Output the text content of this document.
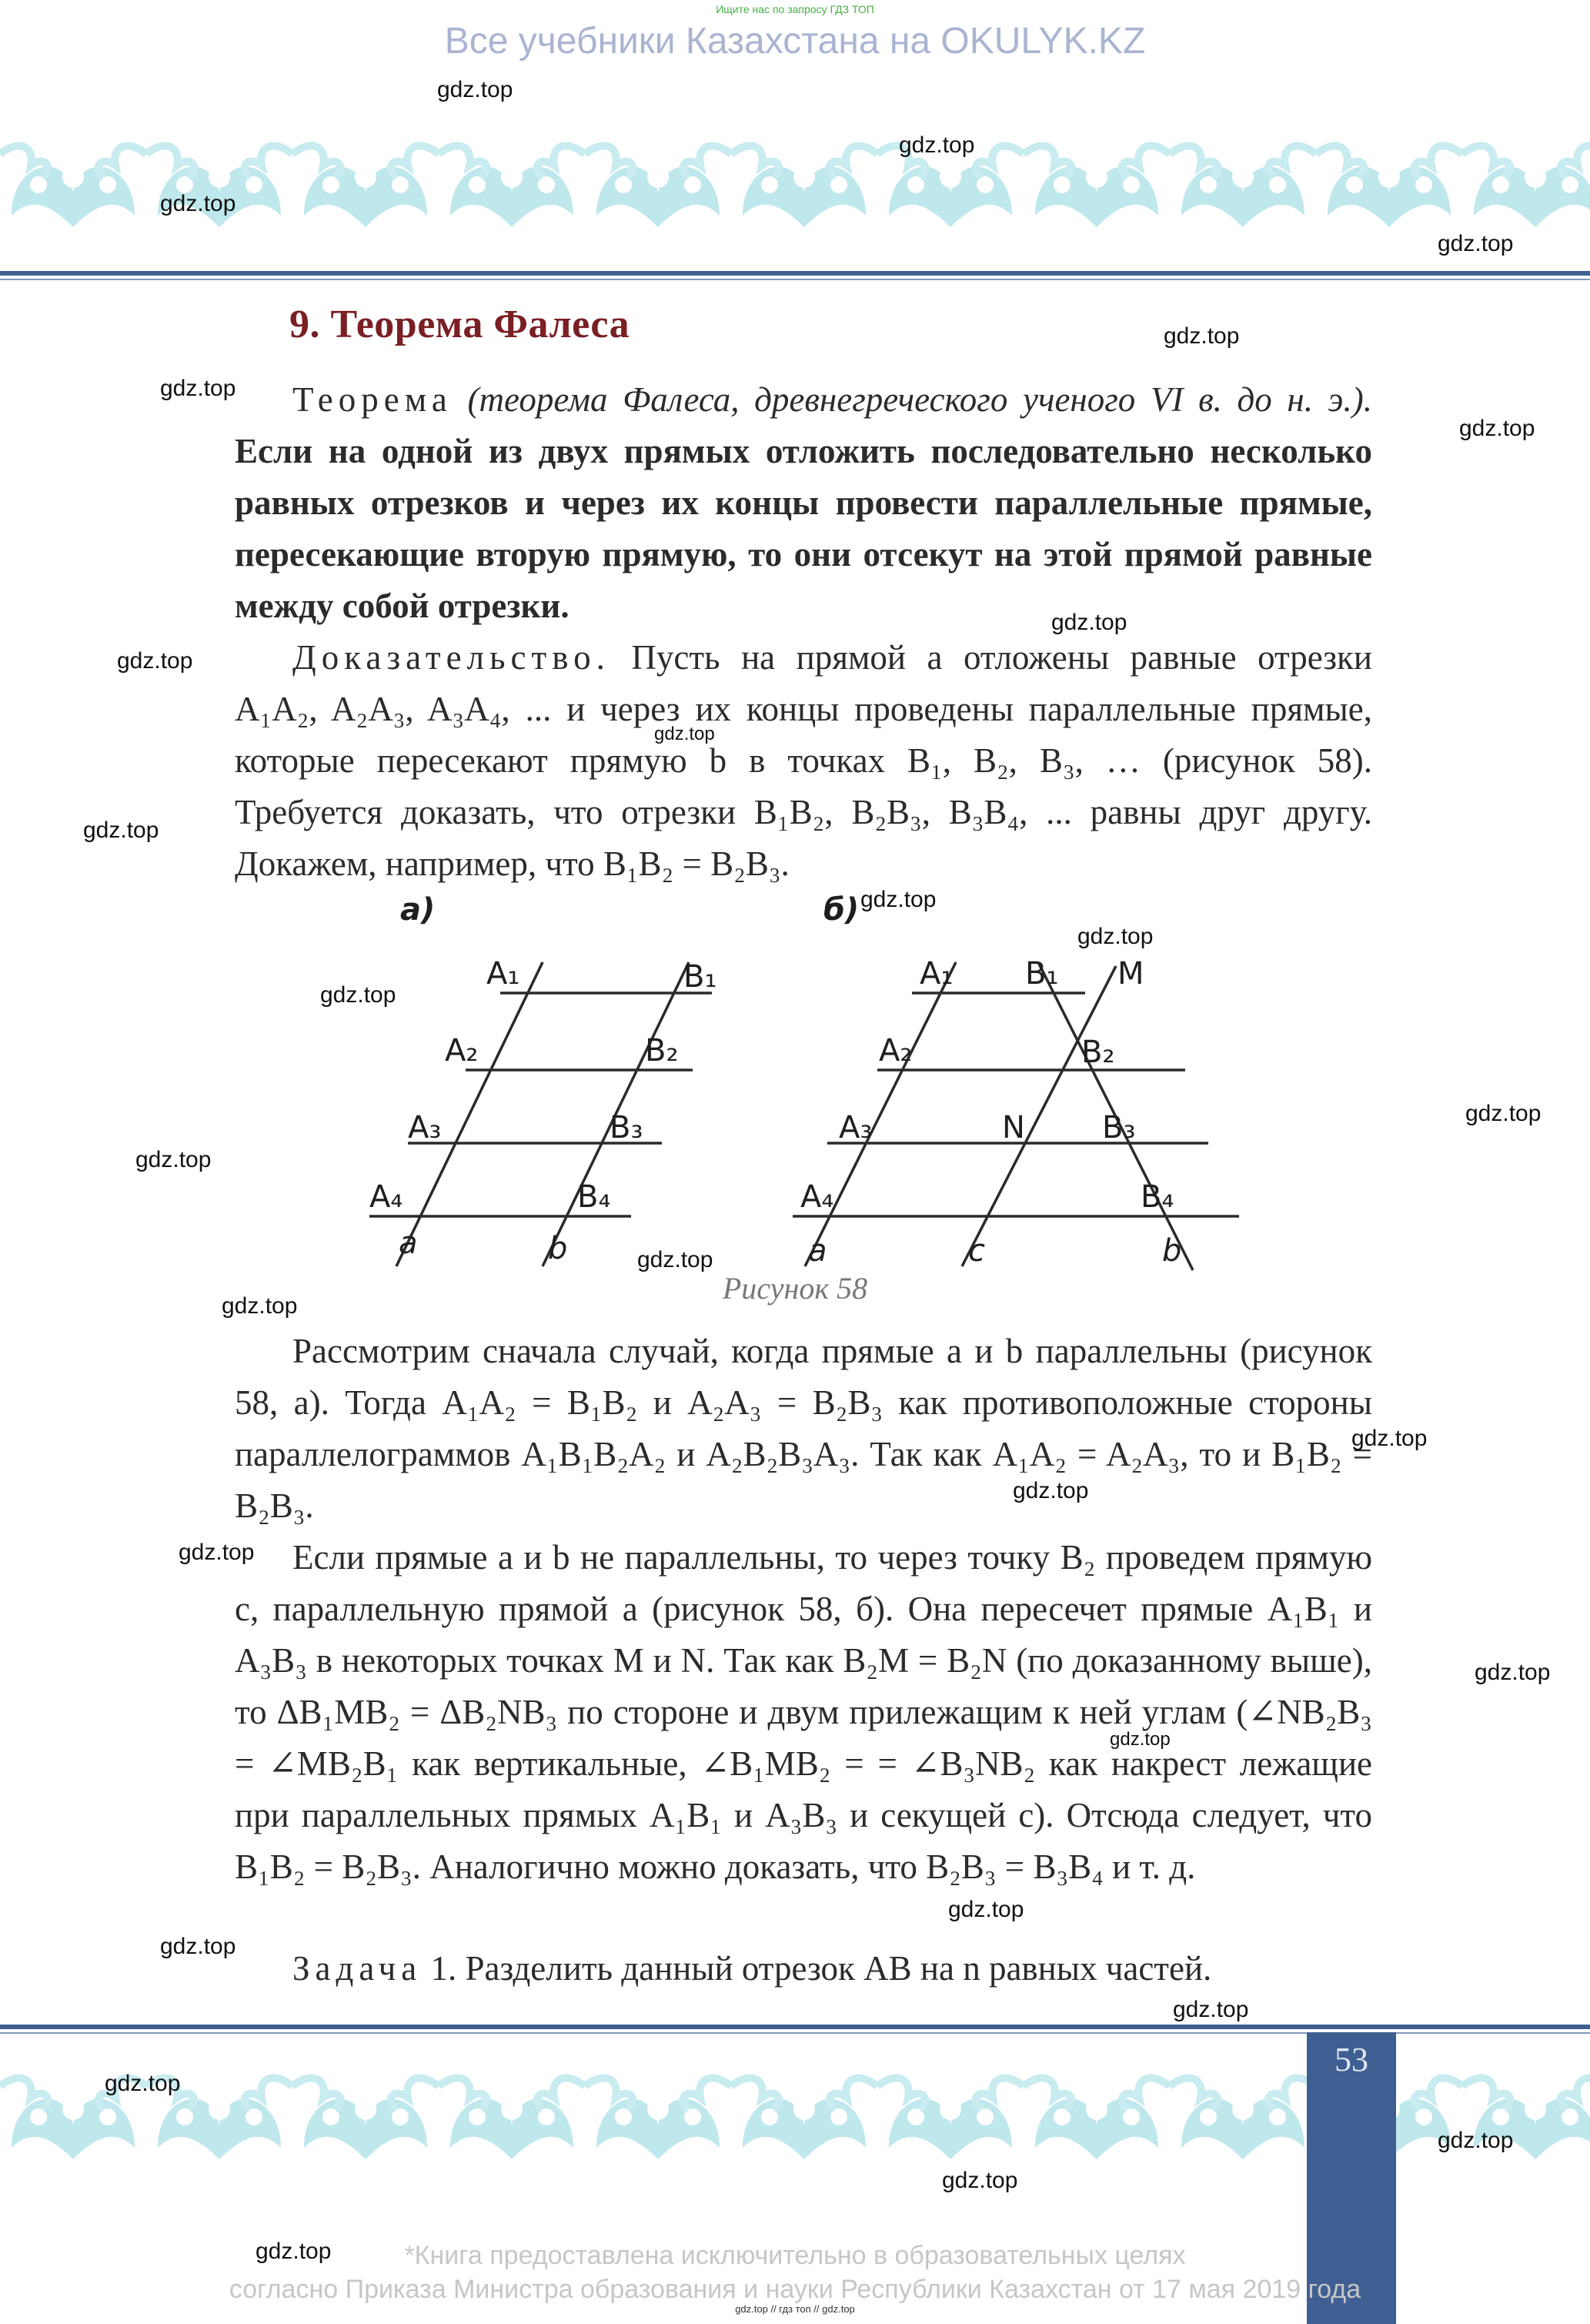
Ищите нас по запросу ГДЗ ТОП
Все учебники Казахстана на OKULYK.KZ
9. Теорема Фалеса
Теорема (теорема Фалеса, древнегреческого ученого VI в. до н. э.). Если на одной из двух прямых отложить последовательно несколько равных отрезков и через их концы провести параллельные прямые, пересекающие вторую прямую, то они отсекут на этой прямой равные между собой отрезки.
Доказательство. Пусть на прямой a отложены равные отрезки A₁A₂, A₂A₃, A₃A₄, ... и через их концы проведены параллельные прямые, которые пересекают прямую b в точках B₁, B₂, B₃, … (рисунок 58). Требуется доказать, что отрезки B₁B₂, B₂B₃, B₃B₄, ... равны друг другу. Докажем, например, что B₁B₂ = B₂B₃.
а)	б)
A₁	B₁
A₂	B₂
A₃	B₃
A₄	B₄
a	b
A₁ B₁ M
A₂	B₂
A₃	N	B₃
A₄	B₄
a	c	b
Рисунок 58
Рассмотрим сначала случай, когда прямые a и b параллельны (рисунок 58, а). Тогда A₁A₂ = B₁B₂ и A₂A₃ = B₂B₃ как противоположные стороны параллелограммов A₁B₁B₂A₂ и A₂B₂B₃A₃. Так как A₁A₂ = A₂A₃, то и B₁B₂ = B₂B₃.
Если прямые a и b не параллельны, то через точку B₂ проведем прямую c, параллельную прямой a (рисунок 58, б). Она пересечет прямые A₁B₁ и A₃B₃ в некоторых точках M и N. Так как B₂M = B₂N (по доказанному выше), то ΔB₁MB₂ = ΔB₂NB₃ по стороне и двум прилежащим к ней углам (∠NB₂B₃ = ∠MB₂B₁ как вертикальные, ∠B₁MB₂ = = ∠B₃NB₂ как накрест лежащие при параллельных прямых A₁B₁ и A₃B₃ и секущей c). Отсюда следует, что B₁B₂ = B₂B₃. Аналогично можно доказать, что B₂B₃ = B₃B₄ и т. д.
Задача 1. Разделить данный отрезок AB на n равных частей.
53
*Книга предоставлена исключительно в образовательных целях
согласно Приказа Министра образования и науки Республики Казахстан от 17 мая 2019 года
gdz.top // гдз топ // gdz.top
gdz.top
gdz.top
gdz.top
gdz.top
gdz.top
gdz.top
gdz.top
gdz.top
gdz.top
gdz.top
gdz.top
gdz.top
gdz.top
gdz.top
gdz.top
gdz.top
gdz.top
gdz.top
gdz.top
gdz.top
gdz.top
gdz.top
gdz.top
gdz.top
gdz.top
gdz.top
gdz.top
gdz.top
gdz.top
gdz.top
